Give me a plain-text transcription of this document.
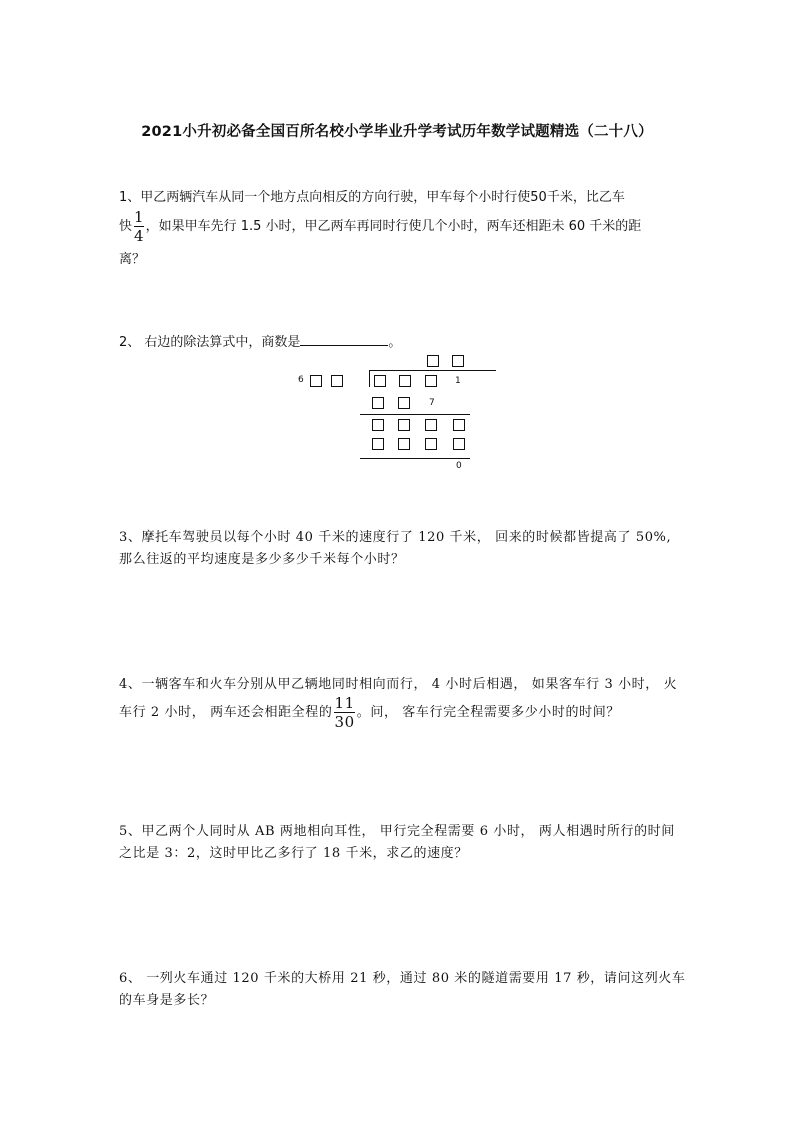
2021小升初必备全国百所名校小学毕业升学考试历年数学试题精选（二十八）
1、甲乙两辆汽车从同一个地方点向相反的方向行驶，甲车每个小时行使50千米，比乙车
快 $\frac{1}{4}$ ，如果甲车先行 1.5 小时，甲乙两车再同时行使几个小时，两车还相距未 60 千米的距
离？
2、 右边的除法算式中，商数是	。
6	1
7
0
3、摩托车驾驶员以每个小时 40 千米的速度行了 120 千米， 回来的时候都皆提高了 50%,
那么往返的平均速度是多少多少千米每个小时？
4、一辆客车和火车分别从甲乙辆地同时相向而行， 4 小时后相遇， 如果客车行 3 小时， 火
车行 2 小时， 两车还会相距全程的 $\frac{11}{30}$ 。问， 客车行完全程需要多少小时的时间？
5、甲乙两个人同时从 AB 两地相向耳性， 甲行完全程需要 6 小时， 两人相遇时所行的时间
之比是 3：2，这时甲比乙多行了 18 千米，求乙的速度？
6、 一列火车通过 120 千米的大桥用 21 秒，通过 80 米的隧道需要用 17 秒，请问这列火车
的车身是多长？
